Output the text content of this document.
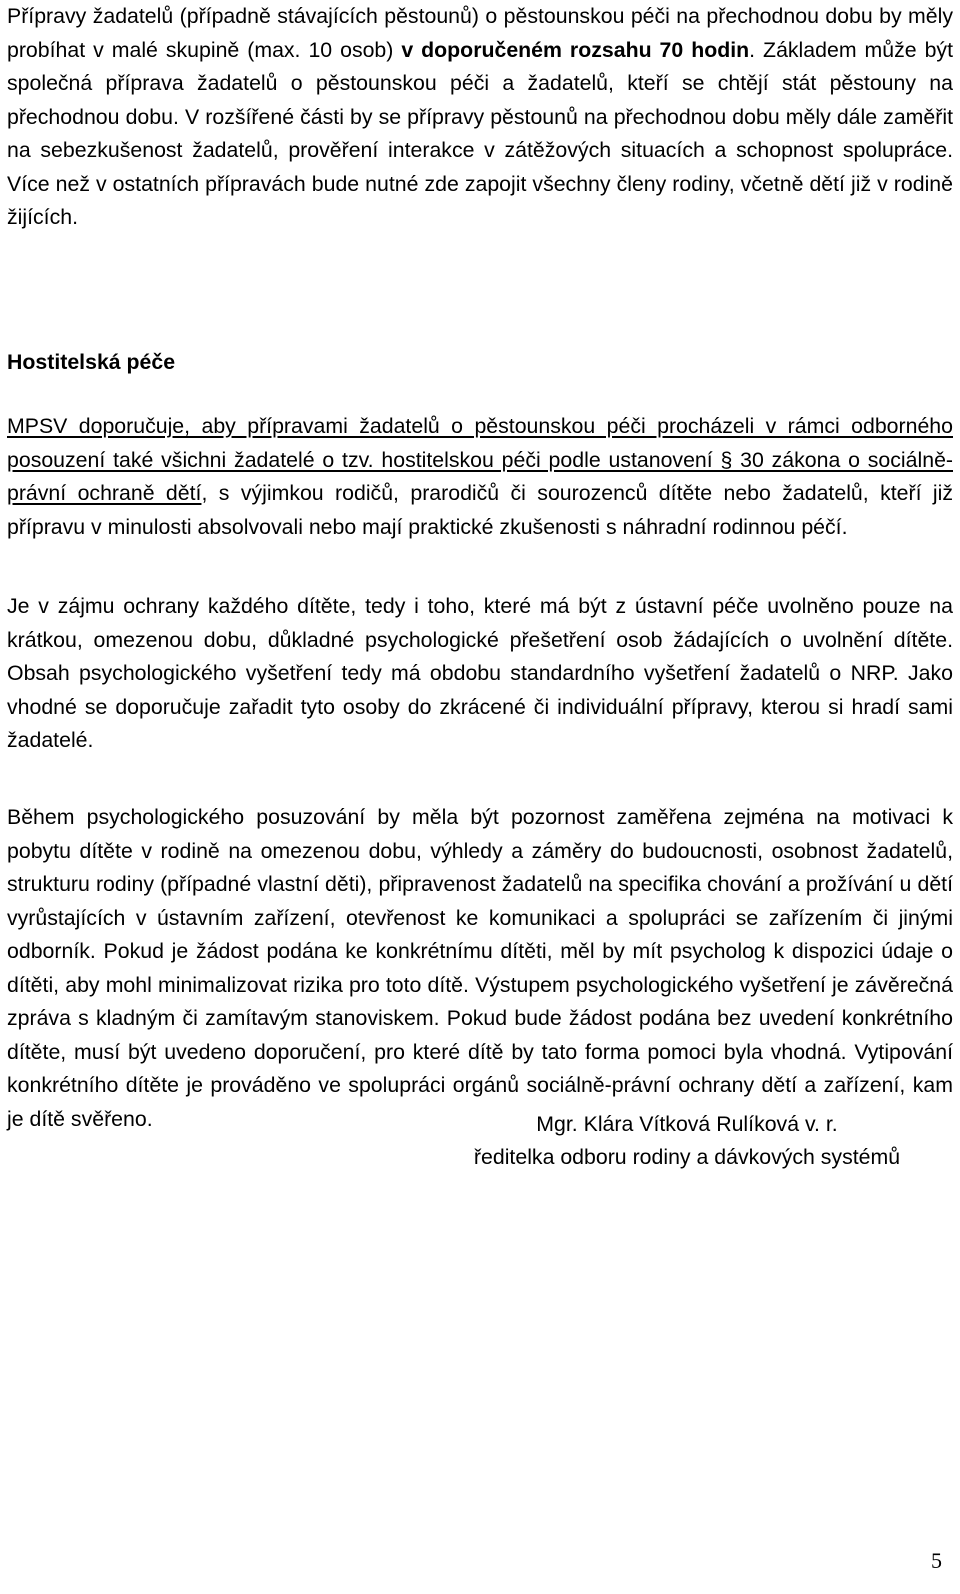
Přípravy žadatelů (případně stávajících pěstounů) o pěstounskou péči na přechodnou dobu by měly probíhat v malé skupině (max. 10 osob) v doporučeném rozsahu 70 hodin. Základem může být společná příprava žadatelů o pěstounskou péči a žadatelů, kteří se chtějí stát pěstouny na přechodnou dobu. V rozšířené části by se přípravy pěstounů na přechodnou dobu měly dále zaměřit na sebezkušenost žadatelů, prověření interakce v zátěžových situacích a schopnost spolupráce. Více než v ostatních přípravách bude nutné zde zapojit všechny členy rodiny, včetně dětí již v rodině žijících.

Hostitelská péče

MPSV doporučuje, aby přípravami žadatelů o pěstounskou péči procházeli v rámci odborného posouzení také všichni žadatelé o tzv. hostitelskou péči podle ustanovení § 30 zákona o sociálně-právní ochraně dětí, s výjimkou rodičů, prarodičů či sourozenců dítěte nebo žadatelů, kteří již přípravu v minulosti absolvovali nebo mají praktické zkušenosti s náhradní rodinnou péčí.

Je v zájmu ochrany každého dítěte, tedy i toho, které má být z ústavní péče uvolněno pouze na krátkou, omezenou dobu, důkladné psychologické přešetření osob žádajících o uvolnění dítěte. Obsah psychologického vyšetření tedy má obdobu standardního vyšetření žadatelů o NRP. Jako vhodné se doporučuje zařadit tyto osoby do zkrácené či individuální přípravy, kterou si hradí sami žadatelé.

Během psychologického posuzování by měla být pozornost zaměřena zejména na motivaci k pobytu dítěte v rodině na omezenou dobu, výhledy a záměry do budoucnosti, osobnost žadatelů, strukturu rodiny (případné vlastní děti), připravenost žadatelů na specifika chování a prožívání u dětí vyrůstajících v ústavním zařízení, otevřenost ke komunikaci a spolupráci se zařízením či jinými odborník. Pokud je žádost podána ke konkrétnímu dítěti, měl by mít psycholog k dispozici údaje o dítěti, aby mohl minimalizovat rizika pro toto dítě. Výstupem psychologického vyšetření je závěrečná zpráva s kladným či zamítavým stanoviskem. Pokud bude žádost podána bez uvedení konkrétního dítěte, musí být uvedeno doporučení, pro které dítě by tato forma pomoci byla vhodná. Vytipování konkrétního dítěte je prováděno ve spolupráci orgánů sociálně-právní ochrany dětí a zařízení, kam je dítě svěřeno.	Mgr. Klára Vítková Rulíková v. r.

ředitelka odboru rodiny a dávkových systémů

5
